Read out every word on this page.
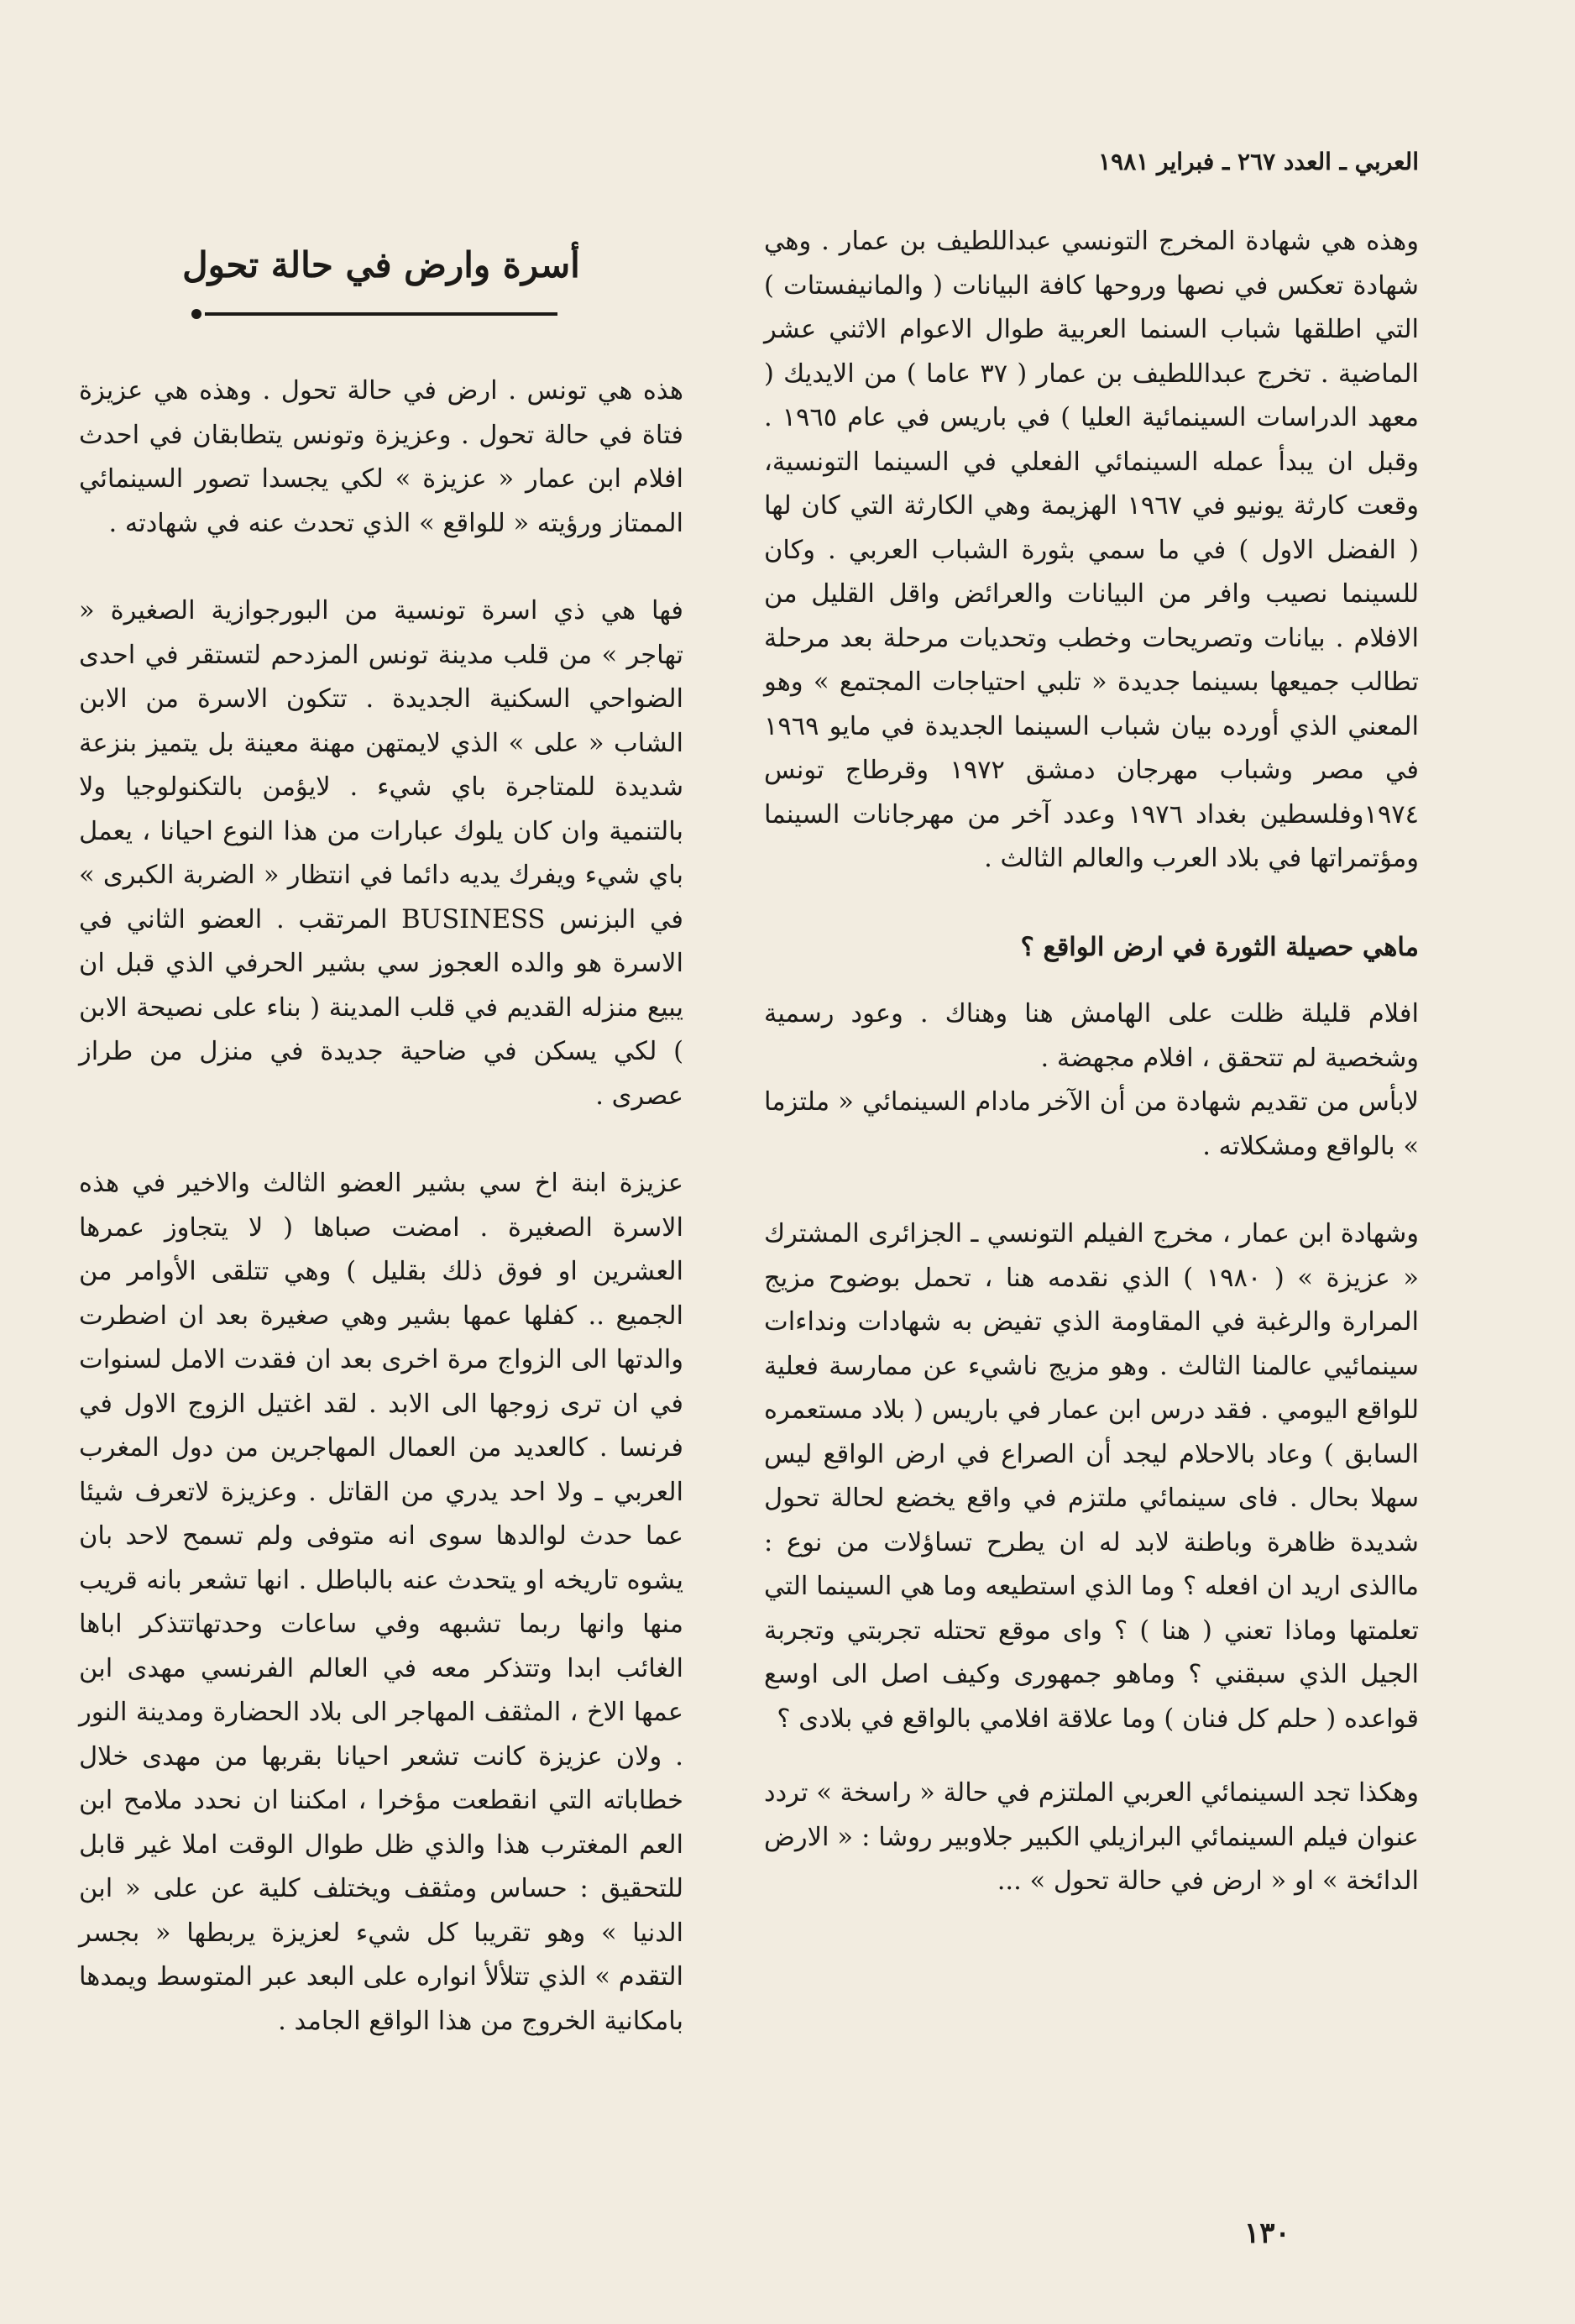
العربي ـ العدد ٢٦٧ ـ فبراير ١٩٨١

وهذه هي شهادة المخرج التونسي عبداللطيف بن عمار . وهي شهادة تعكس في نصها وروحها كافة البيانات ( والمانيفستات ) التي اطلقها شباب السنما العربية طوال الاعوام الاثني عشر الماضية . تخرج عبداللطيف بن عمار ( ٣٧ عاما ) من الايديك ( معهد الدراسات السينمائية العليا ) في باريس في عام ١٩٦٥ . وقبل ان يبدأ عمله السينمائي الفعلي في السينما التونسية، وقعت كارثة يونيو في ١٩٦٧ الهزيمة وهي الكارثة التي كان لها ( الفضل الاول ) في ما سمي بثورة الشباب العربي . وكان للسينما نصيب وافر من البيانات والعرائض واقل القليل من الافلام . بيانات وتصريحات وخطب وتحديات مرحلة بعد مرحلة تطالب جميعها بسينما جديدة « تلبي احتياجات المجتمع » وهو المعني الذي أورده بيان شباب السينما الجديدة في مايو ١٩٦٩ في مصر وشباب مهرجان دمشق ١٩٧٢ وقرطاج تونس ١٩٧٤وفلسطين بغداد ١٩٧٦ وعدد آخر من مهرجانات السينما ومؤتمراتها في بلاد العرب والعالم الثالث .

ماهي حصيلة الثورة في ارض الواقع ؟

افلام قليلة ظلت على الهامش هنا وهناك . وعود رسمية وشخصية لم تتحقق ، افلام مجهضة .

لابأس من تقديم شهادة من أن الآخر مادام السينمائي « ملتزما » بالواقع ومشكلاته .

وشهادة ابن عمار ، مخرج الفيلم التونسي ـ الجزائرى المشترك « عزيزة » ( ١٩٨٠ ) الذي نقدمه هنا ، تحمل بوضوح مزيج المرارة والرغبة في المقاومة الذي تفيض به شهادات ونداءات سينمائيي عالمنا الثالث . وهو مزيج ناشيء عن ممارسة فعلية للواقع اليومي . فقد درس ابن عمار في باريس ( بلاد مستعمره السابق ) وعاد بالاحلام ليجد أن الصراع في ارض الواقع ليس سهلا بحال . فاى سينمائي ملتزم في واقع يخضع لحالة تحول شديدة ظاهرة وباطنة لابد له ان يطرح تساؤلات من نوع : ماالذى اريد ان افعله ؟ وما الذي استطيعه وما هي السينما التي تعلمتها وماذا تعني ( هنا ) ؟ واى موقع تحتله تجربتي وتجربة الجيل الذي سبقني ؟ وماهو جمهورى وكيف اصل الى اوسع قواعده ( حلم كل فنان ) وما علاقة افلامي بالواقع في بلادى ؟

وهكذا تجد السينمائي العربي الملتزم في حالة « راسخة » تردد عنوان فيلم السينمائي البرازيلي الكبير جلاوبير روشا : « الارض الدائخة » او « ارض في حالة تحول » ...

أسرة وارض في حالة تحول

هذه هي تونس . ارض في حالة تحول . وهذه هي عزيزة فتاة في حالة تحول . وعزيزة وتونس يتطابقان في احدث افلام ابن عمار « عزيزة » لكي يجسدا تصور السينمائي الممتاز ورؤيته « للواقع » الذي تحدث عنه في شهادته .

فها هي ذي اسرة تونسية من البورجوازية الصغيرة « تهاجر » من قلب مدينة تونس المزدحم لتستقر في احدى الضواحي السكنية الجديدة . تتكون الاسرة من الابن الشاب « على » الذي لايمتهن مهنة معينة بل يتميز بنزعة شديدة للمتاجرة باي شيء . لايؤمن بالتكنولوجيا ولا بالتنمية وان كان يلوك عبارات من هذا النوع احيانا ، يعمل باي شيء ويفرك يديه دائما في انتظار « الضربة الكبرى » في البزنس BUSINESS المرتقب . العضو الثاني في الاسرة هو والده العجوز سي بشير الحرفي الذي قبل ان يبيع منزله القديم في قلب المدينة ( بناء على نصيحة الابن ) لكي يسكن في ضاحية جديدة في منزل من طراز عصرى .

عزيزة ابنة اخ سي بشير العضو الثالث والاخير في هذه الاسرة الصغيرة . امضت صباها ( لا يتجاوز عمرها العشرين او فوق ذلك بقليل ) وهي تتلقى الأوامر من الجميع .. كفلها عمها بشير وهي صغيرة بعد ان اضطرت والدتها الى الزواج مرة اخرى بعد ان فقدت الامل لسنوات في ان ترى زوجها الى الابد . لقد اغتيل الزوج الاول في فرنسا . كالعديد من العمال المهاجرين من دول المغرب العربي ـ ولا احد يدري من القاتل . وعزيزة لاتعرف شيئا عما حدث لوالدها سوى انه متوفى ولم تسمح لاحد بان يشوه تاريخه او يتحدث عنه بالباطل . انها تشعر بانه قريب منها وانها ربما تشبهه وفي ساعات وحدتهاتتذكر اباها الغائب ابدا وتتذكر معه في العالم الفرنسي مهدى ابن عمها الاخ ، المثقف المهاجر الى بلاد الحضارة ومدينة النور . ولان عزيزة كانت تشعر احيانا بقربها من مهدى خلال خطاباته التي انقطعت مؤخرا ، امكننا ان نحدد ملامح ابن العم المغترب هذا والذي ظل طوال الوقت املا غير قابل للتحقيق : حساس ومثقف ويختلف كلية عن على « ابن الدنيا » وهو تقريبا كل شيء لعزيزة يربطها « بجسر التقدم » الذي تتلألأ انواره على البعد عبر المتوسط ويمدها بامكانية الخروج من هذا الواقع الجامد .

١٣٠
